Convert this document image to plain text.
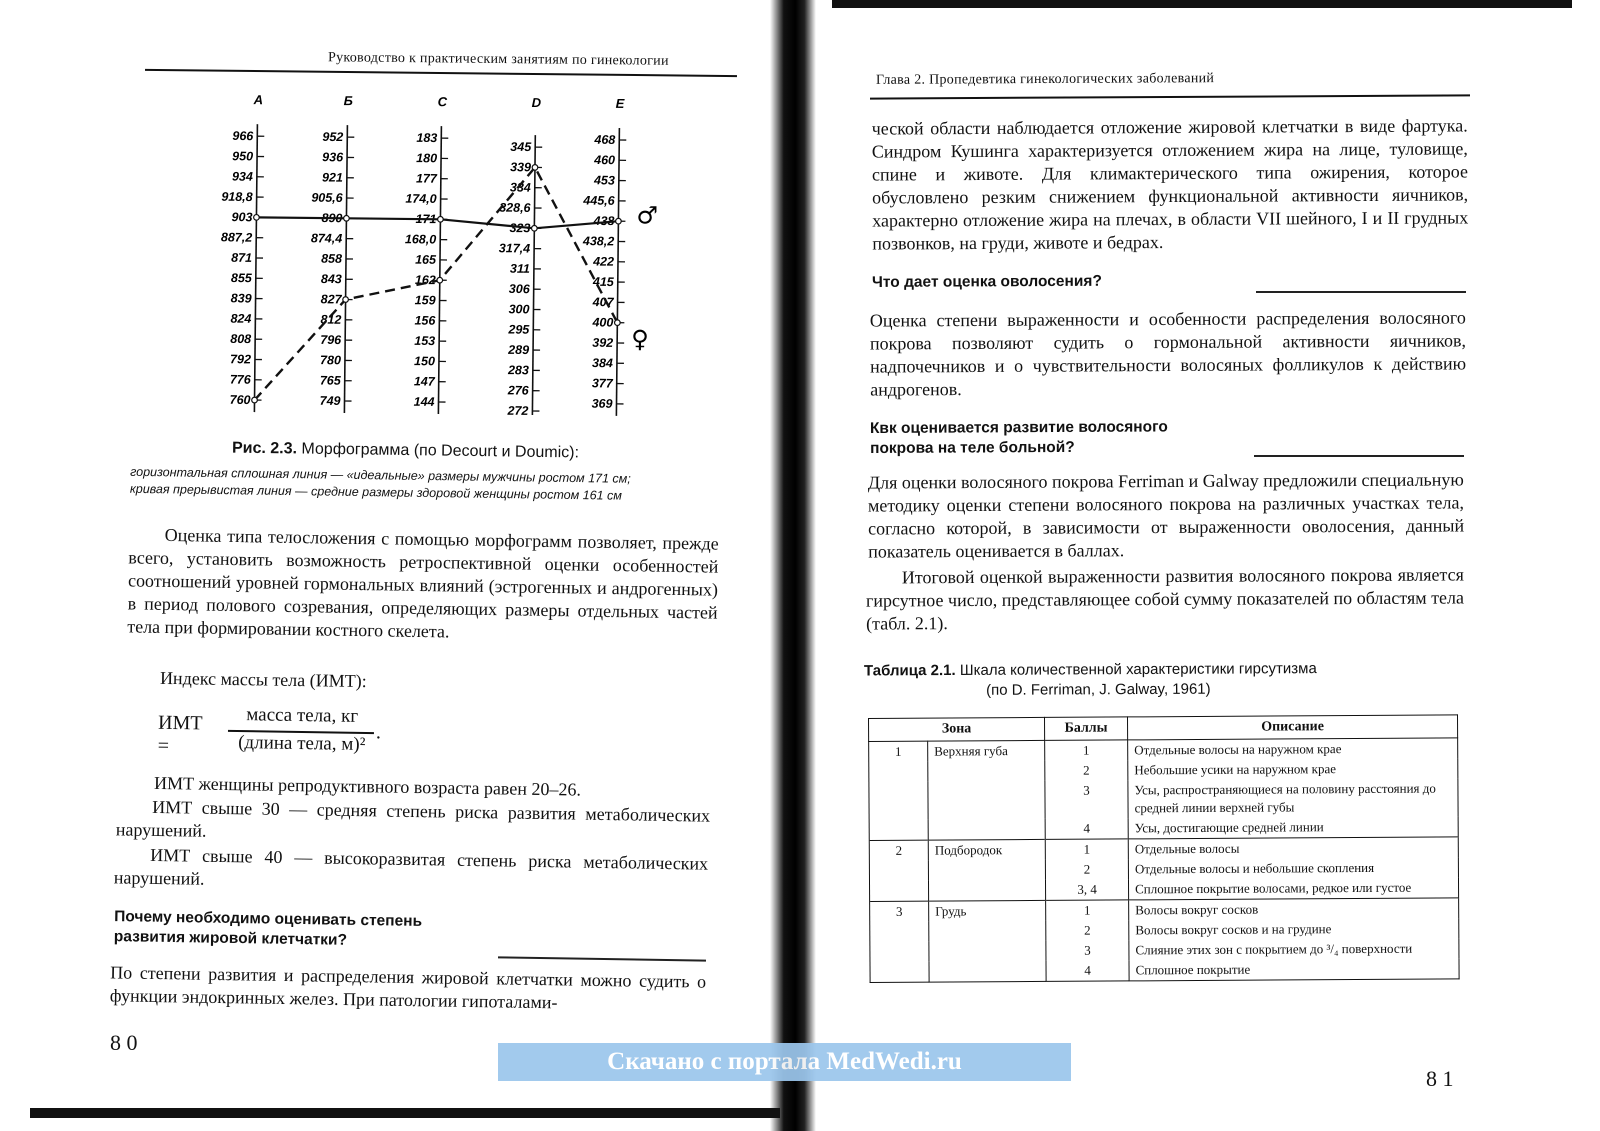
Руководство к практическим занятиям по гинекологии
A
966
950
934
918,8
903
887,2
871
855
839
824
808
792
776
760
Б
952
936
921
905,6
890
874,4
858
843
827
812
796
780
765
749
C
183
180
177
174,0
171
168,0
165
162
159
156
153
150
147
144
D
345
339
334
328,6
323
317,4
311
306
300
295
289
283
276
272
E
468
460
453
445,6
438
438,2
422
415
407
400
392
384
377
369
♂
♀
Рис. 2.3. Морфограмма (по Decourt и Doumic):
горизонтальная сплошная линия — «идеальные» размеры мужчины ростом 171 см;
кривая прерывистая линия — средние размеры здоровой женщины ростом 161 см

Оценка типа телосложения с помощью морфограмм позволяет, прежде всего, установить возможность ретроспективной оценки особенностей соотношений уровней гормональных влияний (эстрогенных и андрогенных) в период полового созревания, определяющих размеры отдельных частей тела при формировании костного скелета.

Индекс массы тела (ИМТ):

ИМТ =
масса тела, кг
(длина тела, м)² .

ИМТ женщины репродуктивного возраста равен 20–26.

ИМТ свыше 30 — средняя степень риска развития метаболических нарушений.

ИМТ свыше 40 — высокоразвитая степень риска метаболических нарушений.

Почему необходимо оценивать степень развития жировой клетчатки?

По степени развития и распределения жировой клетчатки можно судить о функции эндокринных желез. При патологии гипоталами-

8 0
Глава 2. Пропедевтика гинекологических заболеваний

ческой области наблюдается отложение жировой клетчатки в виде фартука. Синдром Кушинга характеризуется отложением жира на лице, туловище, спине и животе. Для климактерического типа ожирения, которое обусловлено резким снижением функциональной активности яичников, характерно отложение жира на плечах, в области VII шейного, I и II грудных позвонков, на груди, животе и бедрах.

Что дает оценка оволосения?

Оценка степени выраженности и особенности распределения волосяного покрова позволяют судить о гормональной активности яичников, надпочечников и о чувствительности волосяных фолликулов к действию андрогенов.

Квк оценивается развитие волосяного
покрова на теле больной?

Для оценки волосяного покрова Ferriman и Galway предложили специальную методику оценки степени волосяного покрова на различных участках тела, согласно которой, в зависимости от выраженности оволосения, данный показатель оценивается в баллах.

Итоговой оценкой выраженности развития волосяного покрова является гирсутное число, представляющее собой сумму показателей по областям тела (табл. 2.1).

Таблица 2.1. Шкала количественной характеристики гирсутизма
(по D. Ferriman, J. Galway, 1961)
Зона		Баллы	Описание
1	Верхняя губа	1	Отдельные волосы на наружном крае
		2	Небольшие усики на наружном крае
		3	Усы, распространяющиеся на половину расстояния до средней линии верхней губы
		4	Усы, достигающие средней линии
2	Подбородок	1	Отдельные волосы
		2	Отдельные волосы и небольшие скопления
		3, 4	Сплошное покрытие волосами, редкое или густое
3	Грудь	1	Волосы вокруг сосков
		2	Волосы вокруг сосков и на грудине
		3	Слияние этих зон с покрытием до ³/₄ поверхности
		4	Сплошное покрытие
8 1
Скачано с портала MedWedi.ru
